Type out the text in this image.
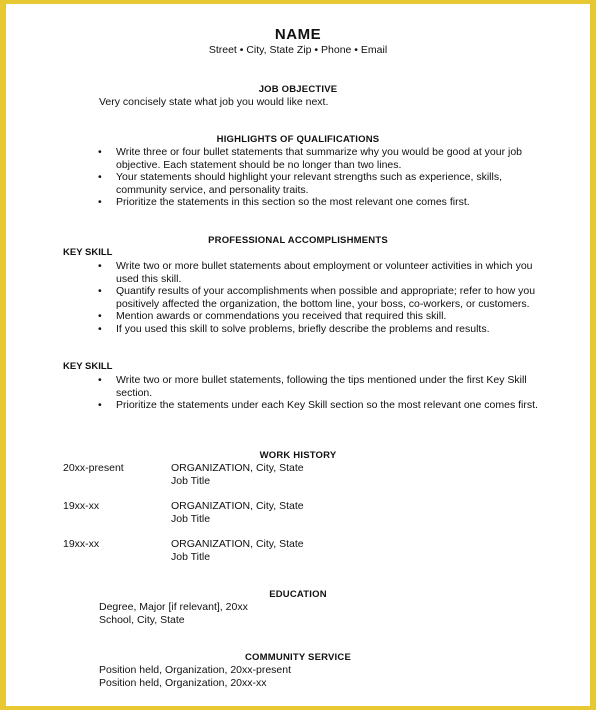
NAME
Street • City, State Zip • Phone • Email
JOB OBJECTIVE
Very concisely state what job you would like next.
HIGHLIGHTS OF QUALIFICATIONS
• Write three or four bullet statements that summarize why you would be good at your job objective. Each statement should be no longer than two lines.
• Your statements should highlight your relevant strengths such as experience, skills, community service, and personality traits.
• Prioritize the statements in this section so the most relevant one comes first.
PROFESSIONAL ACCOMPLISHMENTS
KEY SKILL
• Write two or more bullet statements about employment or volunteer activities in which you used this skill.
• Quantify results of your accomplishments when possible and appropriate; refer to how you positively affected the organization, the bottom line, your boss, co-workers, or customers.
• Mention awards or commendations you received that required this skill.
• If you used this skill to solve problems, briefly describe the problems and results.
KEY SKILL
• Write two or more bullet statements, following the tips mentioned under the first Key Skill section.
• Prioritize the statements under each Key Skill section so the most relevant one comes first.
WORK HISTORY
20xx-present	ORGANIZATION, City, State
Job Title
19xx-xx	ORGANIZATION, City, State
Job Title
19xx-xx	ORGANIZATION, City, State
Job Title
EDUCATION
Degree, Major [if relevant], 20xx
School, City, State
COMMUNITY SERVICE
Position held, Organization, 20xx-present
Position held, Organization, 20xx-xx
